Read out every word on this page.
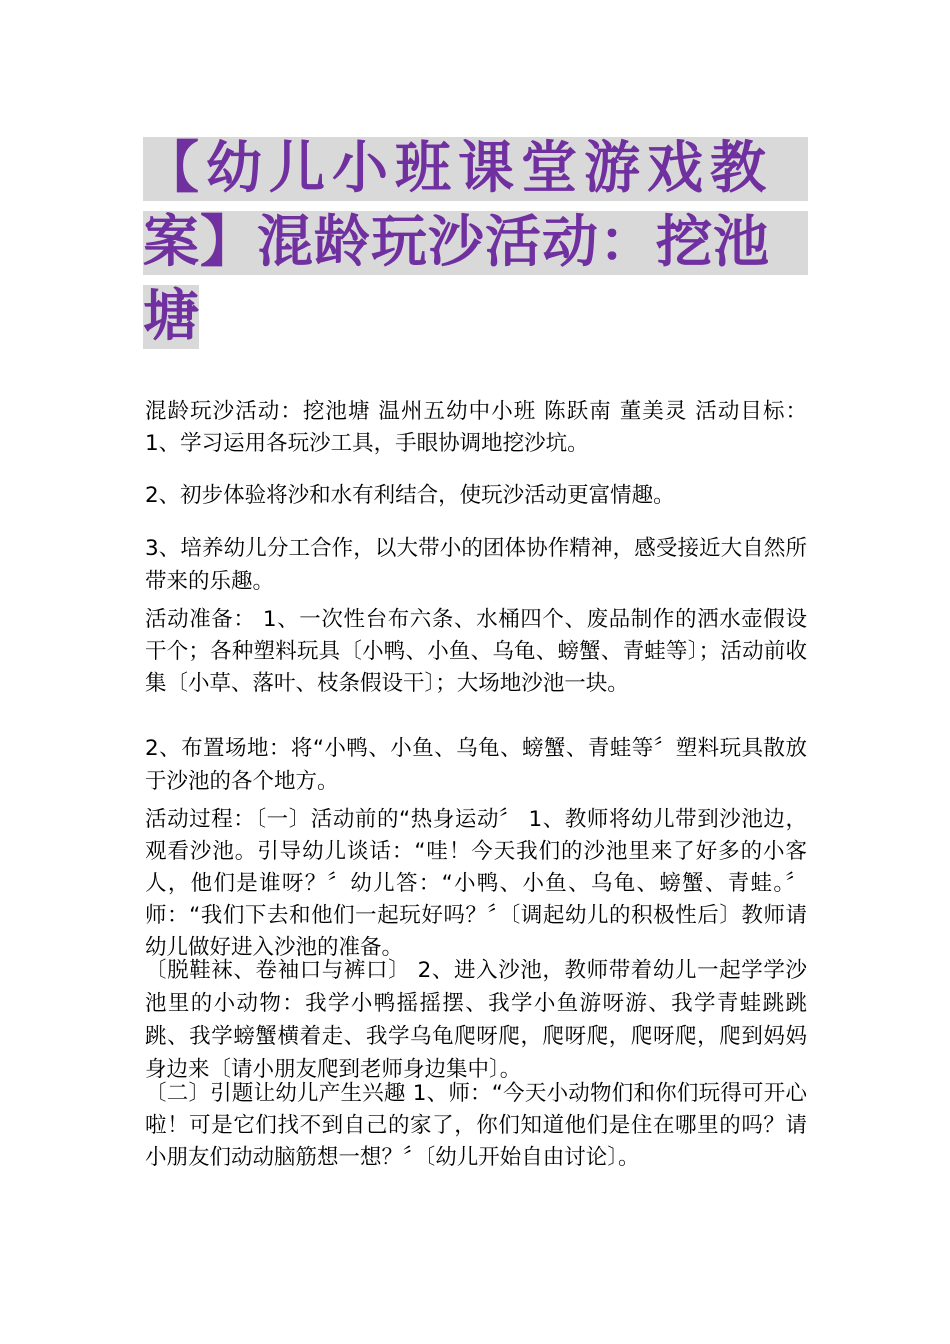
【幼儿小班课堂游戏教
案】混龄玩沙活动：挖池
塘

混龄玩沙活动：挖池塘 温州五幼中小班 陈跃南 董美灵 活动目标： 1、学习运用各玩沙工具，手眼协调地挖沙坑。

2、初步体验将沙和水有利结合，使玩沙活动更富情趣。

3、培养幼儿分工合作，以大带小的团体协作精神，感受接近大自然所带来的乐趣。

活动准备： 1、一次性台布六条、水桶四个、废品制作的洒水壶假设干个；各种塑料玩具〔小鸭、小鱼、乌龟、螃蟹、青蛙等〕；活动前收集〔小草、落叶、枝条假设干〕；大场地沙池一块。

2、布置场地：将“小鸭、小鱼、乌龟、螃蟹、青蛙等〞塑料玩具散放于沙池的各个地方。

活动过程：〔一〕活动前的“热身运动〞 1、教师将幼儿带到沙池边，观看沙池。引导幼儿谈话：“哇！今天我们的沙池里来了好多的小客人，他们是谁呀？〞幼儿答：“小鸭、小鱼、乌龟、螃蟹、青蛙。〞师：“我们下去和他们一起玩好吗？〞〔调起幼儿的积极性后〕教师请幼儿做好进入沙池的准备。

〔脱鞋袜、卷袖口与裤口〕 2、进入沙池，教师带着幼儿一起学学沙池里的小动物：我学小鸭摇摇摆、我学小鱼游呀游、我学青蛙跳跳跳、我学螃蟹横着走、我学乌龟爬呀爬，爬呀爬，爬呀爬，爬到妈妈身边来〔请小朋友爬到老师身边集中〕。

〔二〕引题让幼儿产生兴趣 1、师：“今天小动物们和你们玩得可开心啦！可是它们找不到自己的家了，你们知道他们是住在哪里的吗？请小朋友们动动脑筋想一想？〞〔幼儿开始自由讨论〕。
